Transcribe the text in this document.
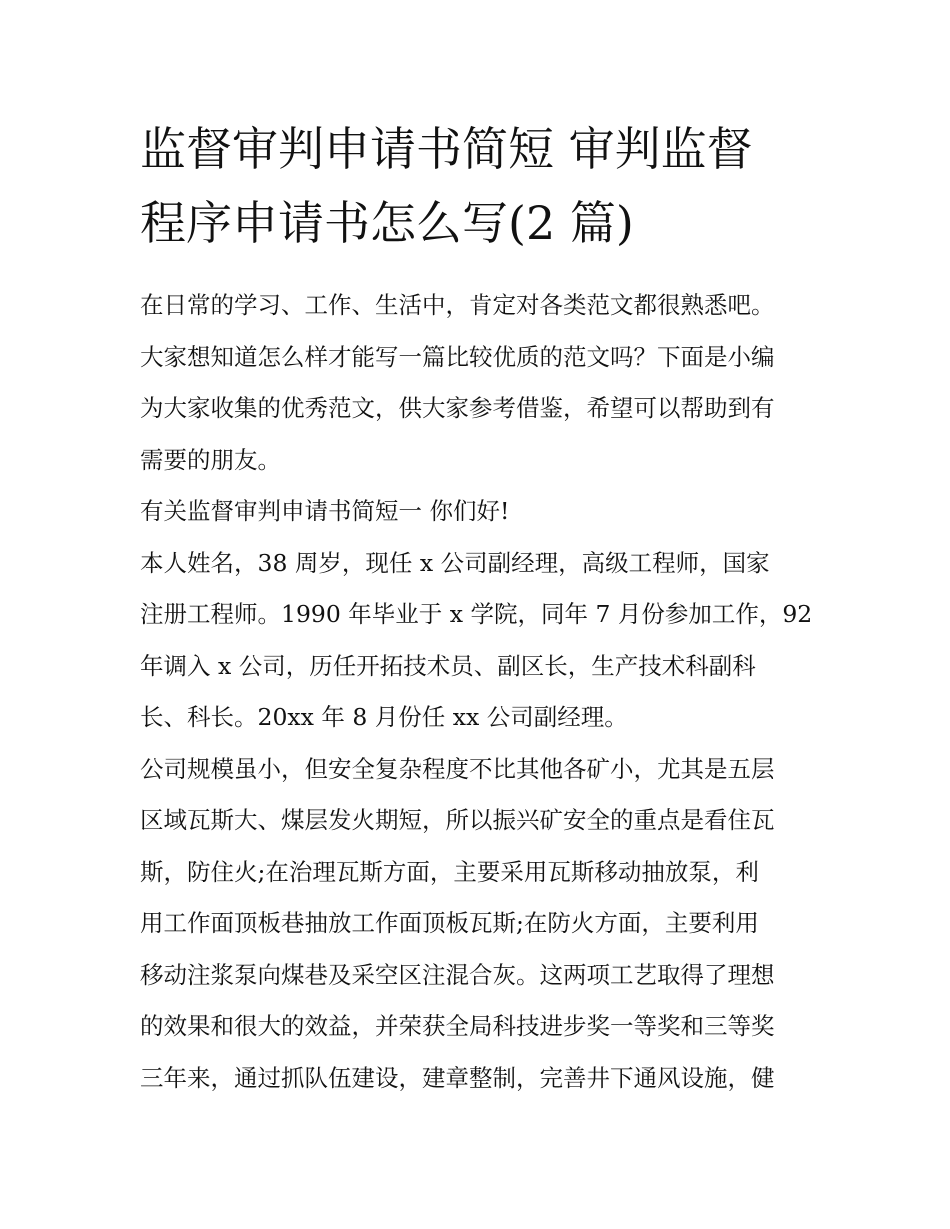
监督审判申请书简短 审判监督
程序申请书怎么写(2 篇)

在日常的学习、工作、生活中，肯定对各类范文都很熟悉吧。
大家想知道怎么样才能写一篇比较优质的范文吗？下面是小编
为大家收集的优秀范文，供大家参考借鉴，希望可以帮助到有
需要的朋友。

有关监督审判申请书简短一 你们好!

本人姓名，38 周岁，现任 x 公司副经理，高级工程师，国家
注册工程师。1990 年毕业于 x 学院，同年 7 月份参加工作，92
年调入 x 公司，历任开拓技术员、副区长，生产技术科副科
长、科长。20xx 年 8 月份任 xx 公司副经理。

公司规模虽小，但安全复杂程度不比其他各矿小，尤其是五层
区域瓦斯大、煤层发火期短，所以振兴矿安全的重点是看住瓦
斯，防住火;在治理瓦斯方面，主要采用瓦斯移动抽放泵，利
用工作面顶板巷抽放工作面顶板瓦斯;在防火方面，主要利用
移动注浆泵向煤巷及采空区注混合灰。这两项工艺取得了理想
的效果和很大的效益，并荣获全局科技进步奖一等奖和三等奖
三年来，通过抓队伍建设，建章整制，完善井下通风设施，健
